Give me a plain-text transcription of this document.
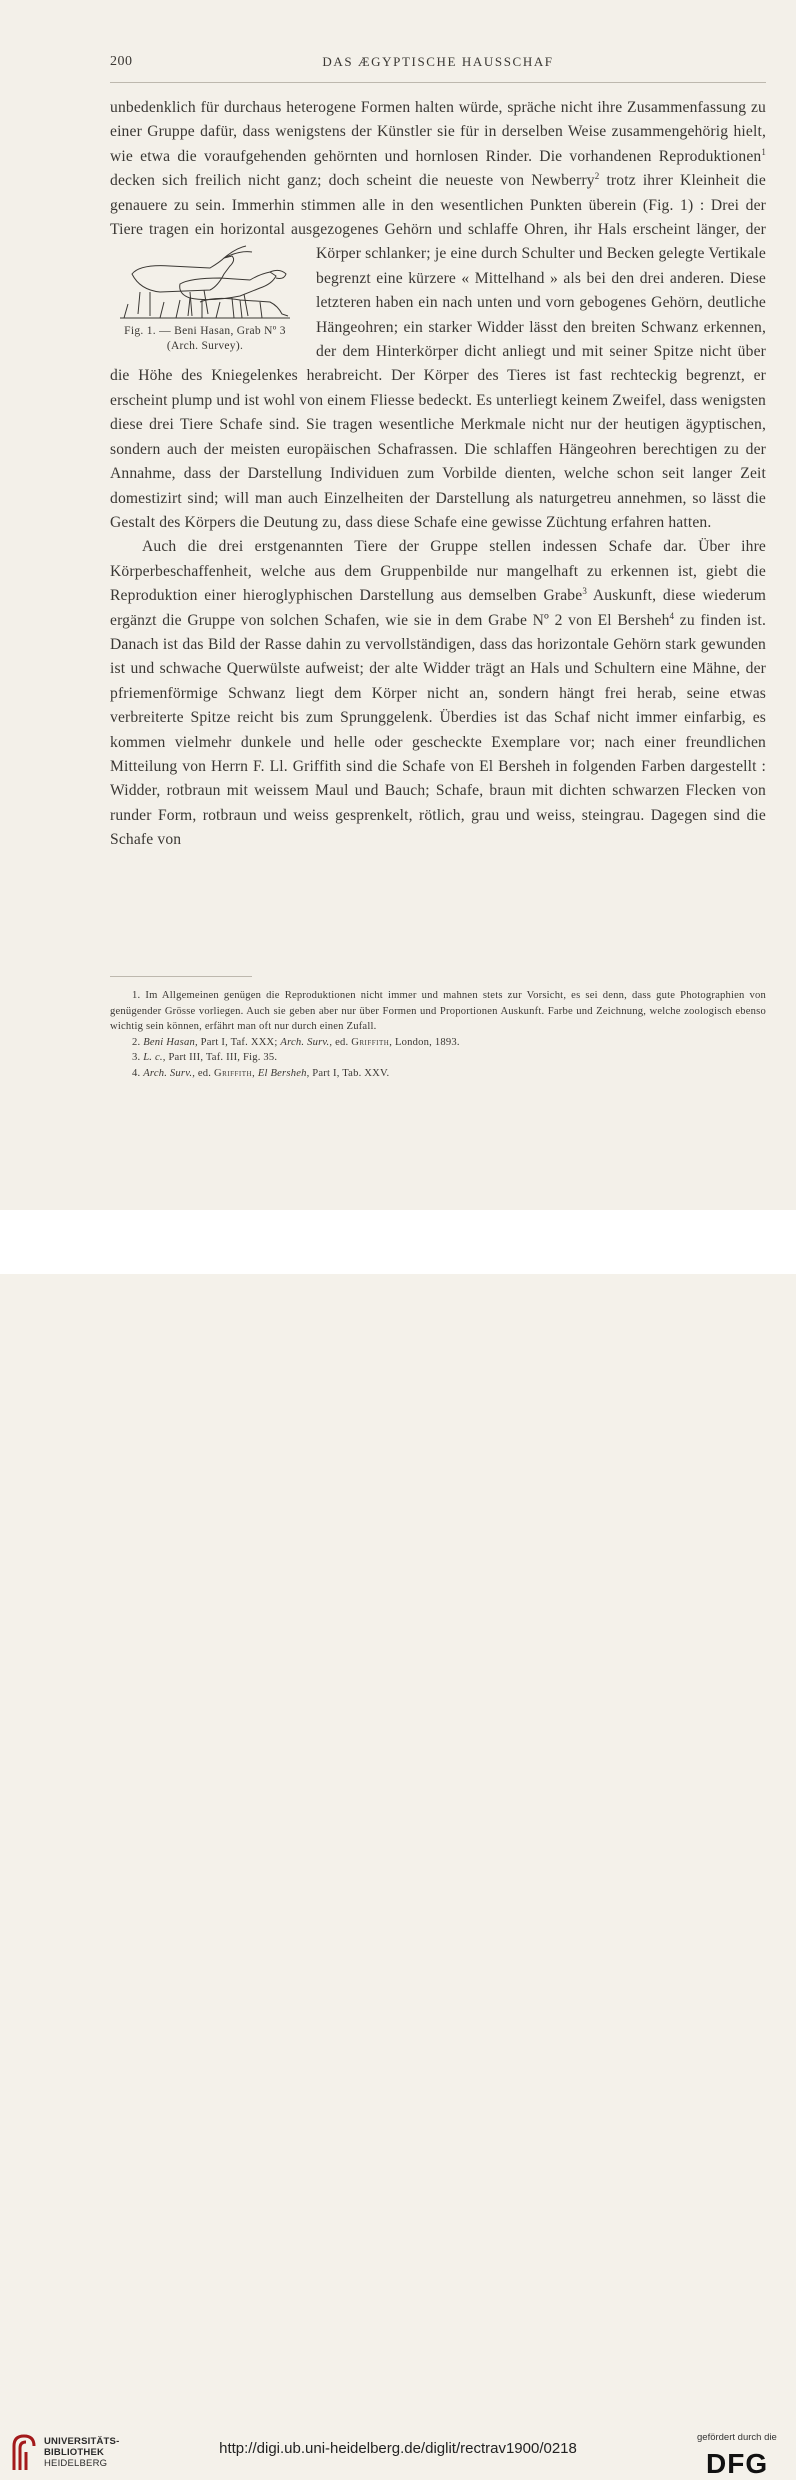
200	DAS ÆGYPTISCHE HAUSSCHAF

unbedenklich für durchaus heterogene Formen halten würde, spräche nicht ihre Zusammenfassung zu einer Gruppe dafür, dass wenigstens der Künstler sie für in derselben Weise zusammengehörig hielt, wie etwa die voraufgehenden gehörnten und hornlosen Rinder. Die vorhandenen Reproduktionen$^1$ decken sich freilich nicht ganz; doch scheint die neueste von Newberry$^2$ trotz ihrer Kleinheit die genauere zu sein. Immerhin stimmen alle in den wesentlichen Punkten überein (Fig. 1) : Drei der Tiere tragen ein horizontal ausgezogenes Gehörn und schlaffe Ohren, ihr Hals erscheint
Fig. 1. — Beni Hasan, Grab Nº 3
(Arch. Survey).
länger, der Körper schlanker; je eine durch Schulter und Becken gelegte Vertikale begrenzt eine kürzere « Mittelhand » als bei den drei anderen. Diese letzteren haben ein nach unten und vorn gebogenes Gehörn, deutliche Hängeohren; ein starker Widder lässt den breiten Schwanz erkennen, der dem Hinterkörper dicht anliegt und mit seiner Spitze nicht über die Höhe des Kniegelenkes herabreicht. Der Körper des Tieres ist fast rechteckig begrenzt, er erscheint plump und ist wohl von einem Fliesse bedeckt. Es unterliegt keinem Zweifel, dass wenigsten diese drei Tiere Schafe sind. Sie tragen wesentliche Merkmale nicht nur der heutigen ägyptischen, sondern auch der meisten europäischen Schafrassen. Die schlaffen Hängeohren berechtigen zu der Annahme, dass der Darstellung Individuen zum Vorbilde dienten, welche schon seit langer Zeit domestizirt sind; will man auch Einzelheiten der Darstellung als naturgetreu annehmen, so lässt die Gestalt des Körpers die Deutung zu, dass diese Schafe eine gewisse Züchtung erfahren hatten.

Auch die drei erstgenannten Tiere der Gruppe stellen indessen Schafe dar. Über ihre Körperbeschaffenheit, welche aus dem Gruppenbilde nur mangelhaft zu erkennen ist, giebt die Reproduktion einer hieroglyphischen Darstellung aus demselben Grabe$^3$ Auskunft, diese wiederum ergänzt die Gruppe von solchen Schafen, wie sie in dem Grabe Nº 2 von El Bersheh$^4$ zu finden ist. Danach ist das Bild der Rasse dahin zu vervollständigen, dass das horizontale Gehörn stark gewunden ist und schwache Querwülste aufweist; der alte Widder trägt an Hals und Schultern eine Mähne, der pfriemenförmige Schwanz liegt dem Körper nicht an, sondern hängt frei herab, seine etwas verbreiterte Spitze reicht bis zum Sprunggelenk. Überdies ist das Schaf nicht immer einfarbig, es kommen vielmehr dunkele und helle oder gescheckte Exemplare vor; nach einer freundlichen Mitteilung von Herrn F. Ll. Griffith sind die Schafe von El Bersheh in folgenden Farben dargestellt : Widder, rotbraun mit weissem Maul und Bauch; Schafe, braun mit dichten schwarzen Flecken von runder Form, rotbraun und weiss gesprenkelt, rötlich, grau und weiss, steingrau. Dagegen sind die Schafe von

1. Im Allgemeinen genügen die Reproduktionen nicht immer und mahnen stets zur Vorsicht, es sei denn, dass gute Photographien von genügender Grösse vorliegen. Auch sie geben aber nur über Formen und Proportionen Auskunft. Farbe und Zeichnung, welche zoologisch ebenso wichtig sein können, erfährt man oft nur durch einen Zufall.

2. Beni Hasan, Part I, Taf. XXX; Arch. Surv., ed. Griffith, London, 1893.

3. L. c., Part III, Taf. III, Fig. 35.

4. Arch. Surv., ed. Griffith, El Bersheh, Part I, Tab. XXV.

UNIVERSITÄTS-
BIBLIOTHEK
HEIDELBERG
http://digi.ub.uni-heidelberg.de/diglit/rectrav1900/0218
gefördert durch die
DFG
